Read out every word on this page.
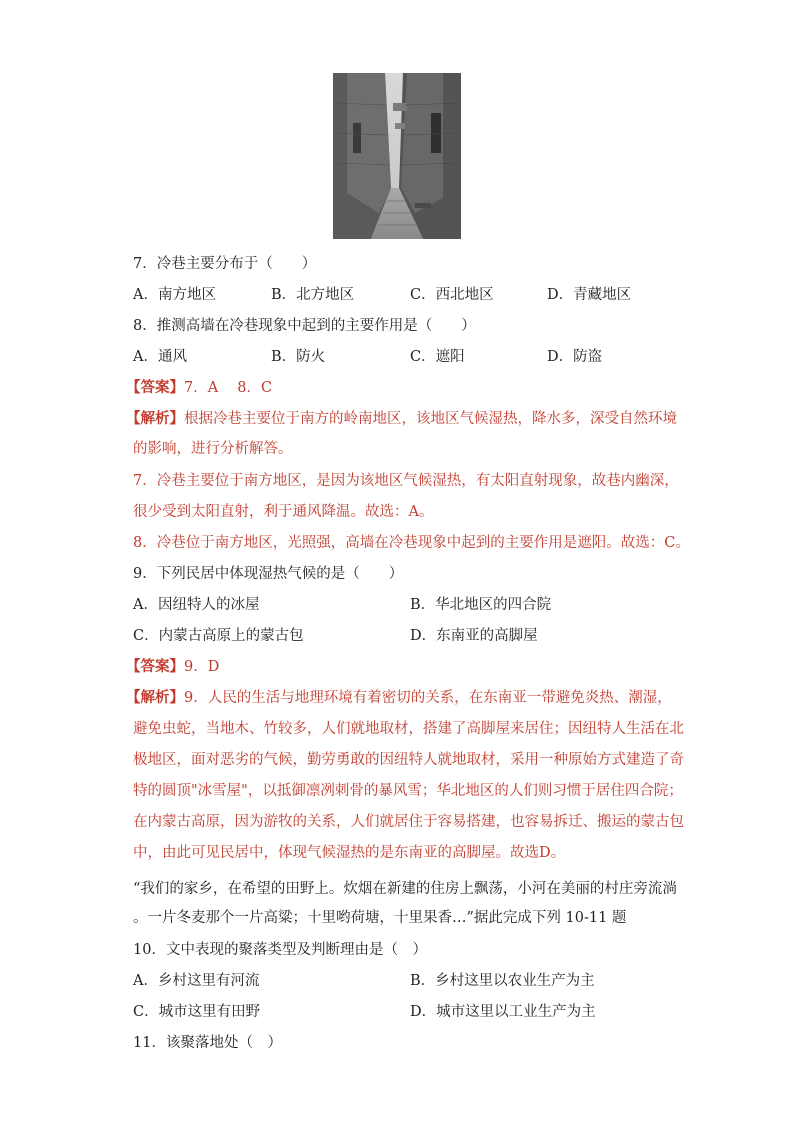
7．冷巷主要分布于（　　）
A．南方地区	B．北方地区	C．西北地区	D．青藏地区
8．推测高墙在冷巷现象中起到的主要作用是（　　）
A．通风	B．防火	C．遮阳	D．防盗
【答案】7．A　 8．C
【解析】根据冷巷主要位于南方的岭南地区，该地区气候湿热，降水多，深受自然环境
的影响，进行分析解答。
7．冷巷主要位于南方地区，是因为该地区气候湿热，有太阳直射现象，故巷内幽深，
很少受到太阳直射，利于通风降温。故选：A。
8．冷巷位于南方地区，光照强，高墙在冷巷现象中起到的主要作用是遮阳。故选：C。
9．下列民居中体现湿热气候的是（　　）
A．因纽特人的冰屋	B．华北地区的四合院
C．内蒙古高原上的蒙古包	D．东南亚的高脚屋
【答案】9．D
【解析】9．人民的生活与地理环境有着密切的关系，在东南亚一带避免炎热、潮湿，
避免虫蛇，当地木、竹较多，人们就地取材，搭建了高脚屋来居住；因纽特人生活在北
极地区，面对恶劣的气候，勤劳勇敢的因纽特人就地取材，采用一种原始方式建造了奇
特的圆顶"冰雪屋"，以抵御凛冽刺骨的暴风雪；华北地区的人们则习惯于居住四合院；
在内蒙古高原，因为游牧的关系，人们就居住于容易搭建，也容易拆迁、搬运的蒙古包
中，由此可见民居中，体现气候湿热的是东南亚的高脚屋。故选D。
“我们的家乡，在希望的田野上。炊烟在新建的住房上飘荡，小河在美丽的村庄旁流淌
。一片冬麦那个一片高粱；十里哟荷塘，十里果香…”据此完成下列 10-11 题
10．文中表现的聚落类型及判断理由是（　）
A．乡村这里有河流	B．乡村这里以农业生产为主
C．城市这里有田野	D．城市这里以工业生产为主
11．该聚落地处（　）
